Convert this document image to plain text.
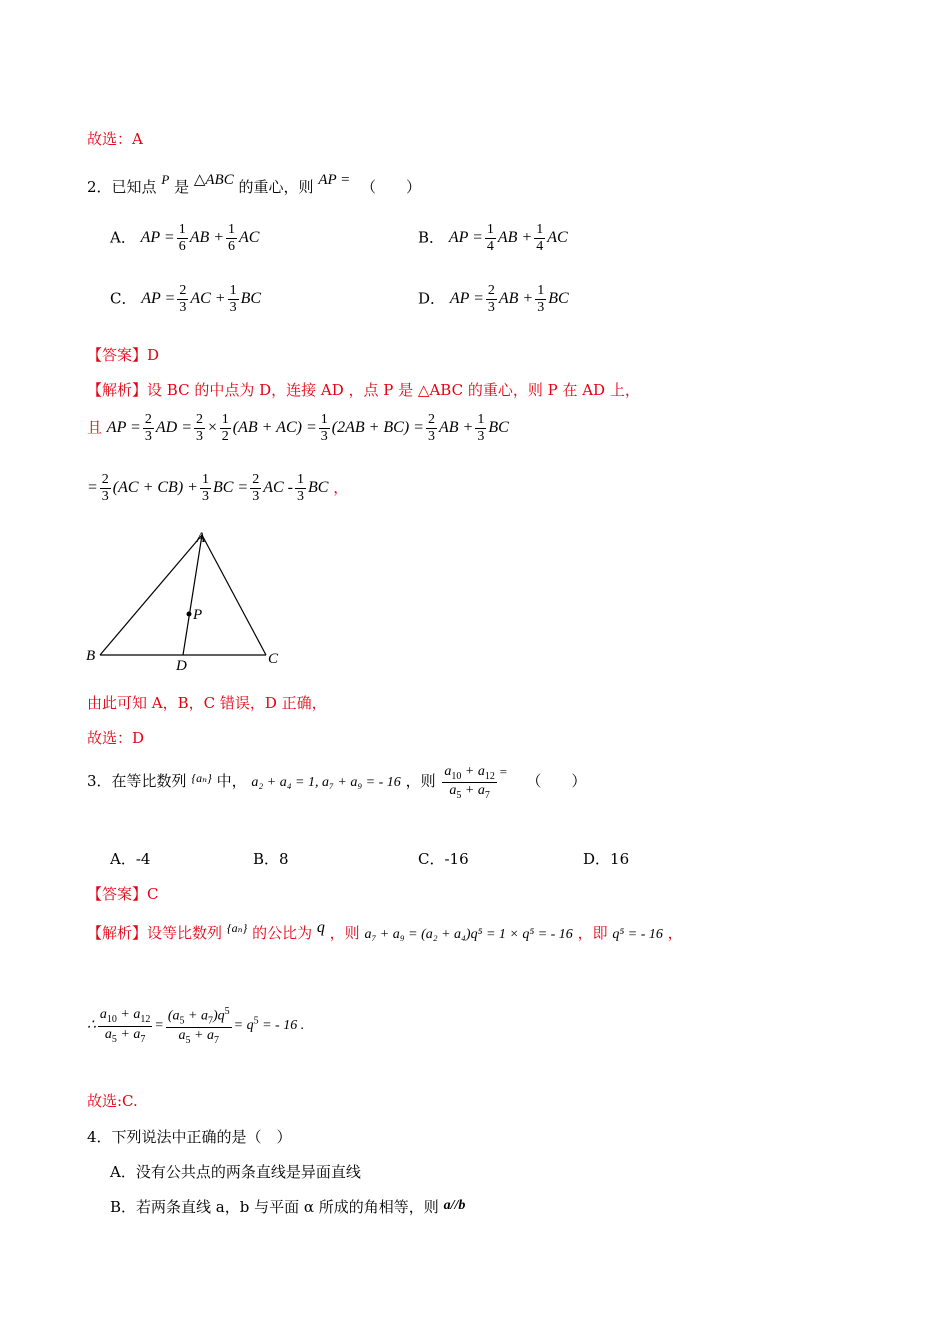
故选：A
2．已知点 P 是 △ABC 的重心，则 AP = （　　）
A． AP = $\frac{1}{6}$ AB + $\frac{1}{6}$ AC	B． AP = $\frac{1}{4}$ AB + $\frac{1}{4}$ AC
C． AP = $\frac{2}{3}$ AC + $\frac{1}{3}$ BC	D． AP = $\frac{2}{3}$ AB + $\frac{1}{3}$ BC
【答案】D
【解析】设 BC 的中点为 D，连接 AD ，点 P 是 △ABC 的重心，则 P 在 AD 上，
且 AP = $\frac{2}{3}$ AD = $\frac{2}{3} \times \frac{1}{2} (AB + AC) = \frac{1}{3} (2AB + BC) = \frac{2}{3}$ AB + $\frac{1}{3}$ BC
= $\frac{2}{3} (AC + CB) + \frac{1}{3}$ BC = $\frac{2}{3}$ AC - $\frac{1}{3}$ BC ，
A
B	C
D
P
由此可知 A，B，C 错误，D 正确，
故选：D
3．在等比数列 $^{\{a_n\}}$ 中， a₂ + a₄ = 1, a₇ + a₉ = - 16 ，则 $\frac{a_{10} + a_{12}}{a_5 + a_7}$ = （　　）
A．-4	B．8	C．-16	D．16
【答案】C
【解析】设等比数列 $^{\{a_n\}}$ 的公比为 q ，则 a₇ + a₉ = (a₂ + a₄)q⁵ = 1 × q⁵ = - 16 ，即 q⁵ = - 16 ，
∴ $\frac{a_{10} + a_{12}}{a_5 + a_7} = \frac{(a_5 + a_7)q^5}{a_5 + a_7} = q^5$ = - 16 .
故选:C.
4．下列说法中正确的是（　）
A．没有公共点的两条直线是异面直线
B．若两条直线 a，b 与平面 α 所成的角相等，则 a//b
